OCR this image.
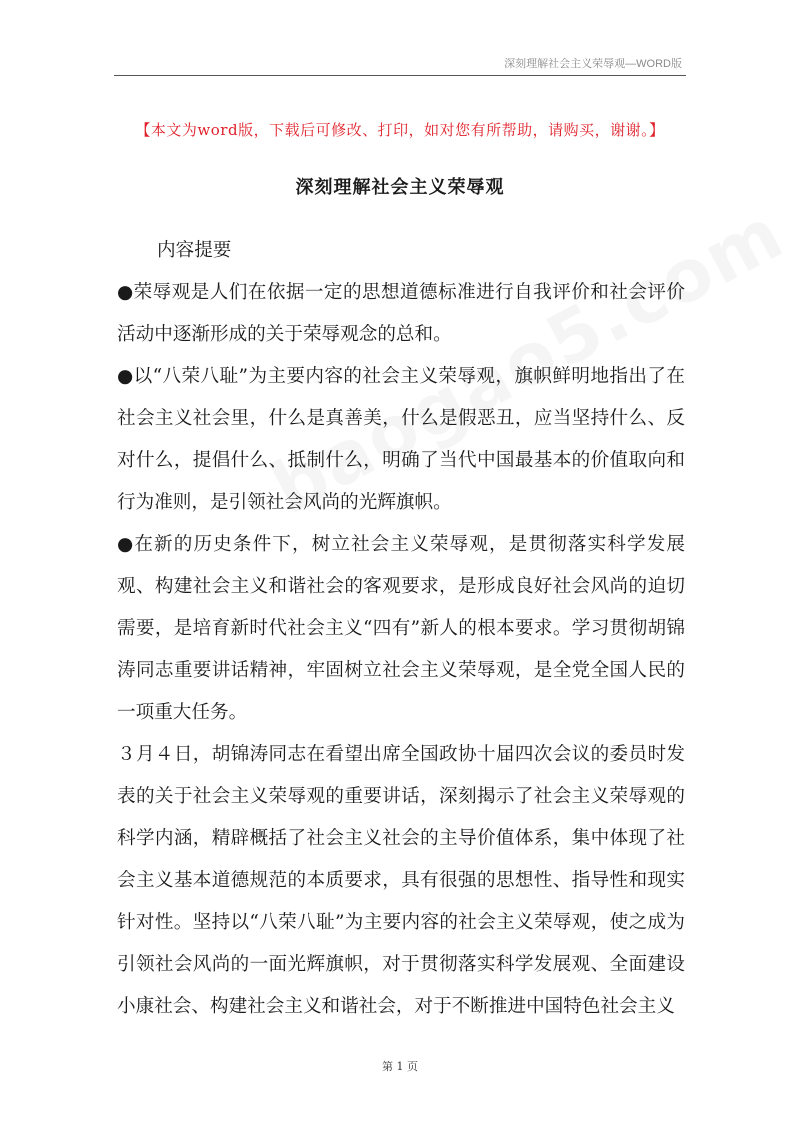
深刻理解社会主义荣辱观—WORD版
【本文为word版，下载后可修改、打印，如对您有所帮助，请购买，谢谢。】
深刻理解社会主义荣辱观

内容提要

●荣辱观是人们在依据一定的思想道德标准进行自我评价和社会评价活动中逐渐形成的关于荣辱观念的总和。

●以“八荣八耻”为主要内容的社会主义荣辱观，旗帜鲜明地指出了在社会主义社会里，什么是真善美，什么是假恶丑，应当坚持什么、反对什么，提倡什么、抵制什么，明确了当代中国最基本的价值取向和行为准则，是引领社会风尚的光辉旗帜。

●在新的历史条件下，树立社会主义荣辱观，是贯彻落实科学发展观、构建社会主义和谐社会的客观要求，是形成良好社会风尚的迫切需要，是培育新时代社会主义“四有”新人的根本要求。学习贯彻胡锦涛同志重要讲话精神，牢固树立社会主义荣辱观，是全党全国人民的一项重大任务。

３月４日，胡锦涛同志在看望出席全国政协十届四次会议的委员时发表的关于社会主义荣辱观的重要讲话，深刻揭示了社会主义荣辱观的科学内涵，精辟概括了社会主义社会的主导价值体系，集中体现了社会主义基本道德规范的本质要求，具有很强的思想性、指导性和现实针对性。坚持以“八荣八耻”为主要内容的社会主义荣辱观，使之成为引领社会风尚的一面光辉旗帜，对于贯彻落实科学发展观、全面建设小康社会、构建社会主义和谐社会，对于不断推进中国特色社会主义

第 1 页
